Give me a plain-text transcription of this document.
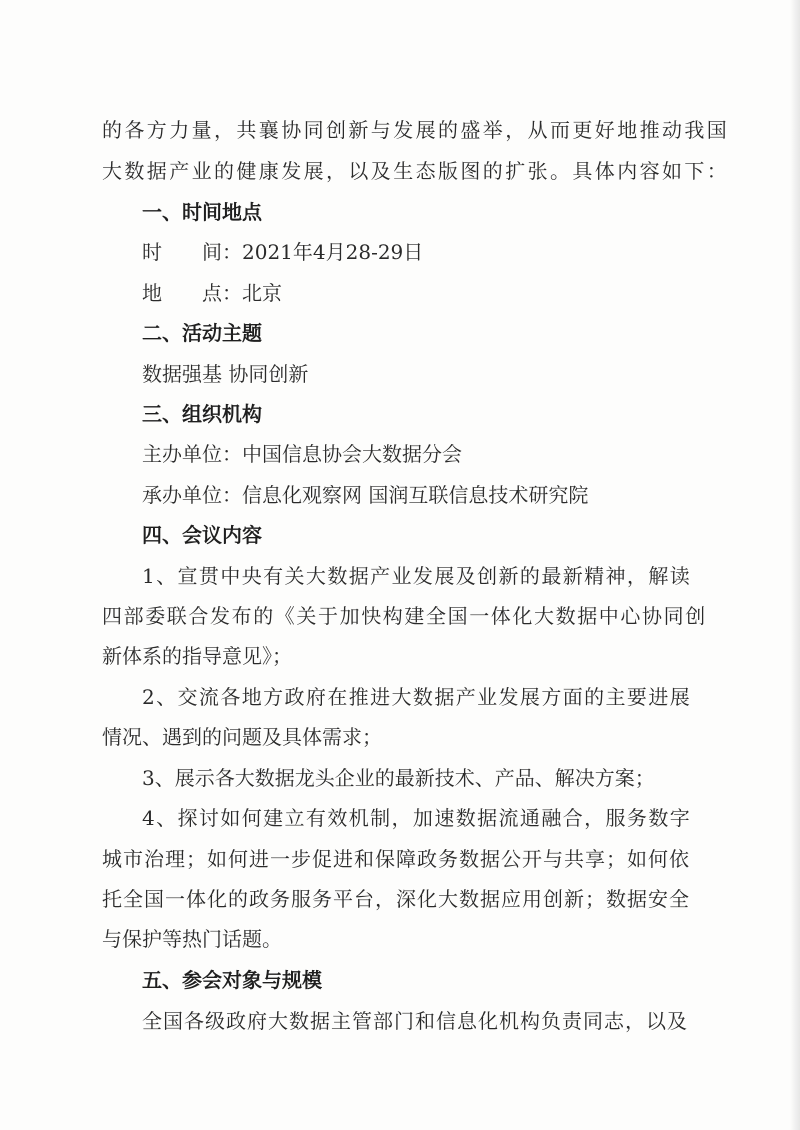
的各方力量，共襄协同创新与发展的盛举，从而更好地推动我国
大数据产业的健康发展，以及生态版图的扩张。具体内容如下：
一、时间地点
时　　间：2021年4月28-29日
地　　点：北京
二、活动主题
数据强基 协同创新
三、组织机构
主办单位：中国信息协会大数据分会
承办单位：信息化观察网 国润互联信息技术研究院
四、会议内容
1、宣贯中央有关大数据产业发展及创新的最新精神，解读
四部委联合发布的《关于加快构建全国一体化大数据中心协同创
新体系的指导意见》；
2、交流各地方政府在推进大数据产业发展方面的主要进展
情况、遇到的问题及具体需求；
3、展示各大数据龙头企业的最新技术、产品、解决方案；
4、探讨如何建立有效机制，加速数据流通融合，服务数字
城市治理；如何进一步促进和保障政务数据公开与共享；如何依
托全国一体化的政务服务平台，深化大数据应用创新；数据安全
与保护等热门话题。
五、参会对象与规模
全国各级政府大数据主管部门和信息化机构负责同志，以及
